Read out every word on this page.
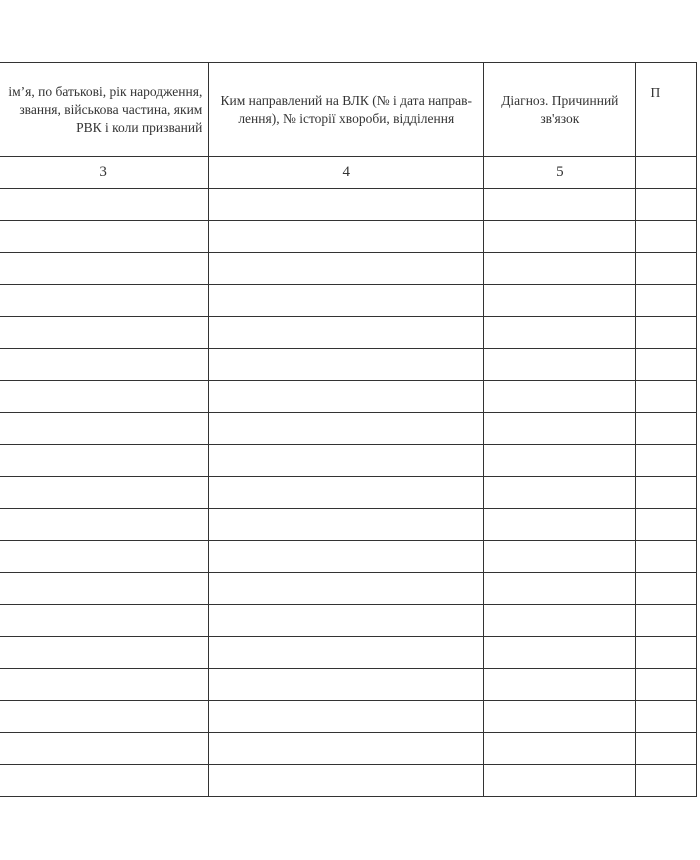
ім’я, по батькові, рік народження,
звання, військова частина, яким
РВК і коли призваний	Ким направлений на ВЛК (№ і дата направ-
лення), № історії хвороби, відділення	Діагноз. Причинний
зв'язок	П

3	4	5	
